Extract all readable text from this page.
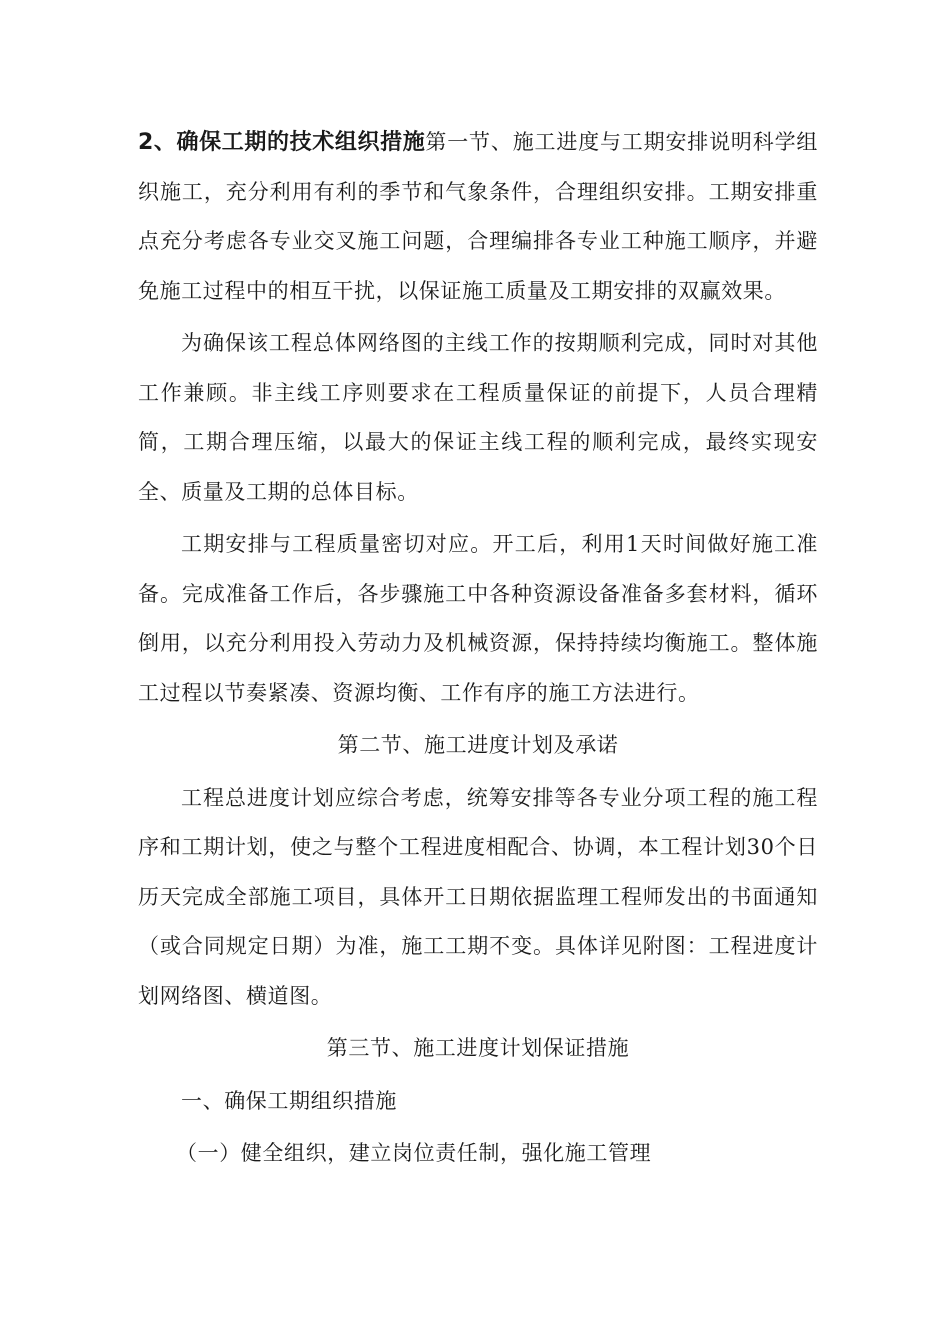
2、确保工期的技术组织措施第一节、施工进度与工期安排说明科学组织施工，充分利用有利的季节和气象条件，合理组织安排。工期安排重点充分考虑各专业交叉施工问题，合理编排各专业工种施工顺序，并避免施工过程中的相互干扰，以保证施工质量及工期安排的双赢效果。

为确保该工程总体网络图的主线工作的按期顺利完成，同时对其他工作兼顾。非主线工序则要求在工程质量保证的前提下，人员合理精简，工期合理压缩，以最大的保证主线工程的顺利完成，最终实现安全、质量及工期的总体目标。

工期安排与工程质量密切对应。开工后，利用1天时间做好施工准备。完成准备工作后，各步骤施工中各种资源设备准备多套材料，循环倒用，以充分利用投入劳动力及机械资源，保持持续均衡施工。整体施工过程以节奏紧凑、资源均衡、工作有序的施工方法进行。

第二节、施工进度计划及承诺

工程总进度计划应综合考虑，统筹安排等各专业分项工程的施工程序和工期计划，使之与整个工程进度相配合、协调，本工程计划30个日历天完成全部施工项目，具体开工日期依据监理工程师发出的书面通知（或合同规定日期）为准，施工工期不变。具体详见附图：工程进度计划网络图、横道图。

第三节、施工进度计划保证措施

一、确保工期组织措施

（一）健全组织，建立岗位责任制，强化施工管理
